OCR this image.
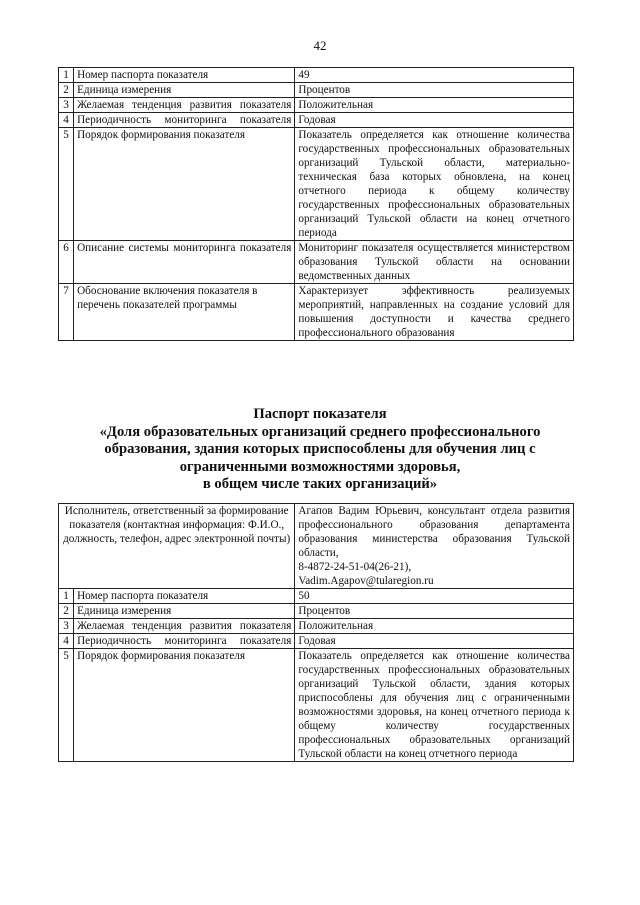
42
1	Номер паспорта показателя	49
2	Единица измерения	Процентов
3	Желаемая тенденция развития показателя	Положительная
4	Периодичность мониторинга показателя	Годовая
5	Порядок формирования показателя	Показатель определяется как отношение количества государственных профессиональных образовательных организаций Тульской области, материально-техническая база которых обновлена, на конец отчетного периода к общему количеству государственных профессиональных образовательных организаций Тульской области на конец отчетного периода
6	Описание системы мониторинга показателя	Мониторинг показателя осуществляется министерством образования Тульской области на основании ведомственных данных
7	Обоснование включения показателя в перечень показателей программы	Характеризует эффективность реализуемых мероприятий, направленных на создание условий для повышения доступности и качества среднего профессионального образования
Паспорт показателя
«Доля образовательных организаций среднего профессионального
образования, здания которых приспособлены для обучения лиц с
ограниченными возможностями здоровья,
в общем числе таких организаций»
Исполнитель, ответственный за формирование показателя (контактная информация: Ф.И.О., должность, телефон, адрес электронной почты)		Агапов Вадим Юрьевич, консультант отдела развития профессионального образования департамента образования министерства образования Тульской области,
8-4872-24-51-04(26-21),
Vadim.Agapov@tularegion.ru

1	Номер паспорта показателя	50
2	Единица измерения	Процентов
3	Желаемая тенденция развития показателя	Положительная
4	Периодичность мониторинга показателя	Годовая
5	Порядок формирования показателя	Показатель определяется как отношение количества государственных профессиональных образовательных организаций Тульской области, здания которых приспособлены для обучения лиц с ограниченными возможностями здоровья, на конец отчетного периода к общему количеству государственных профессиональных образовательных организаций Тульской области на конец отчетного периода
